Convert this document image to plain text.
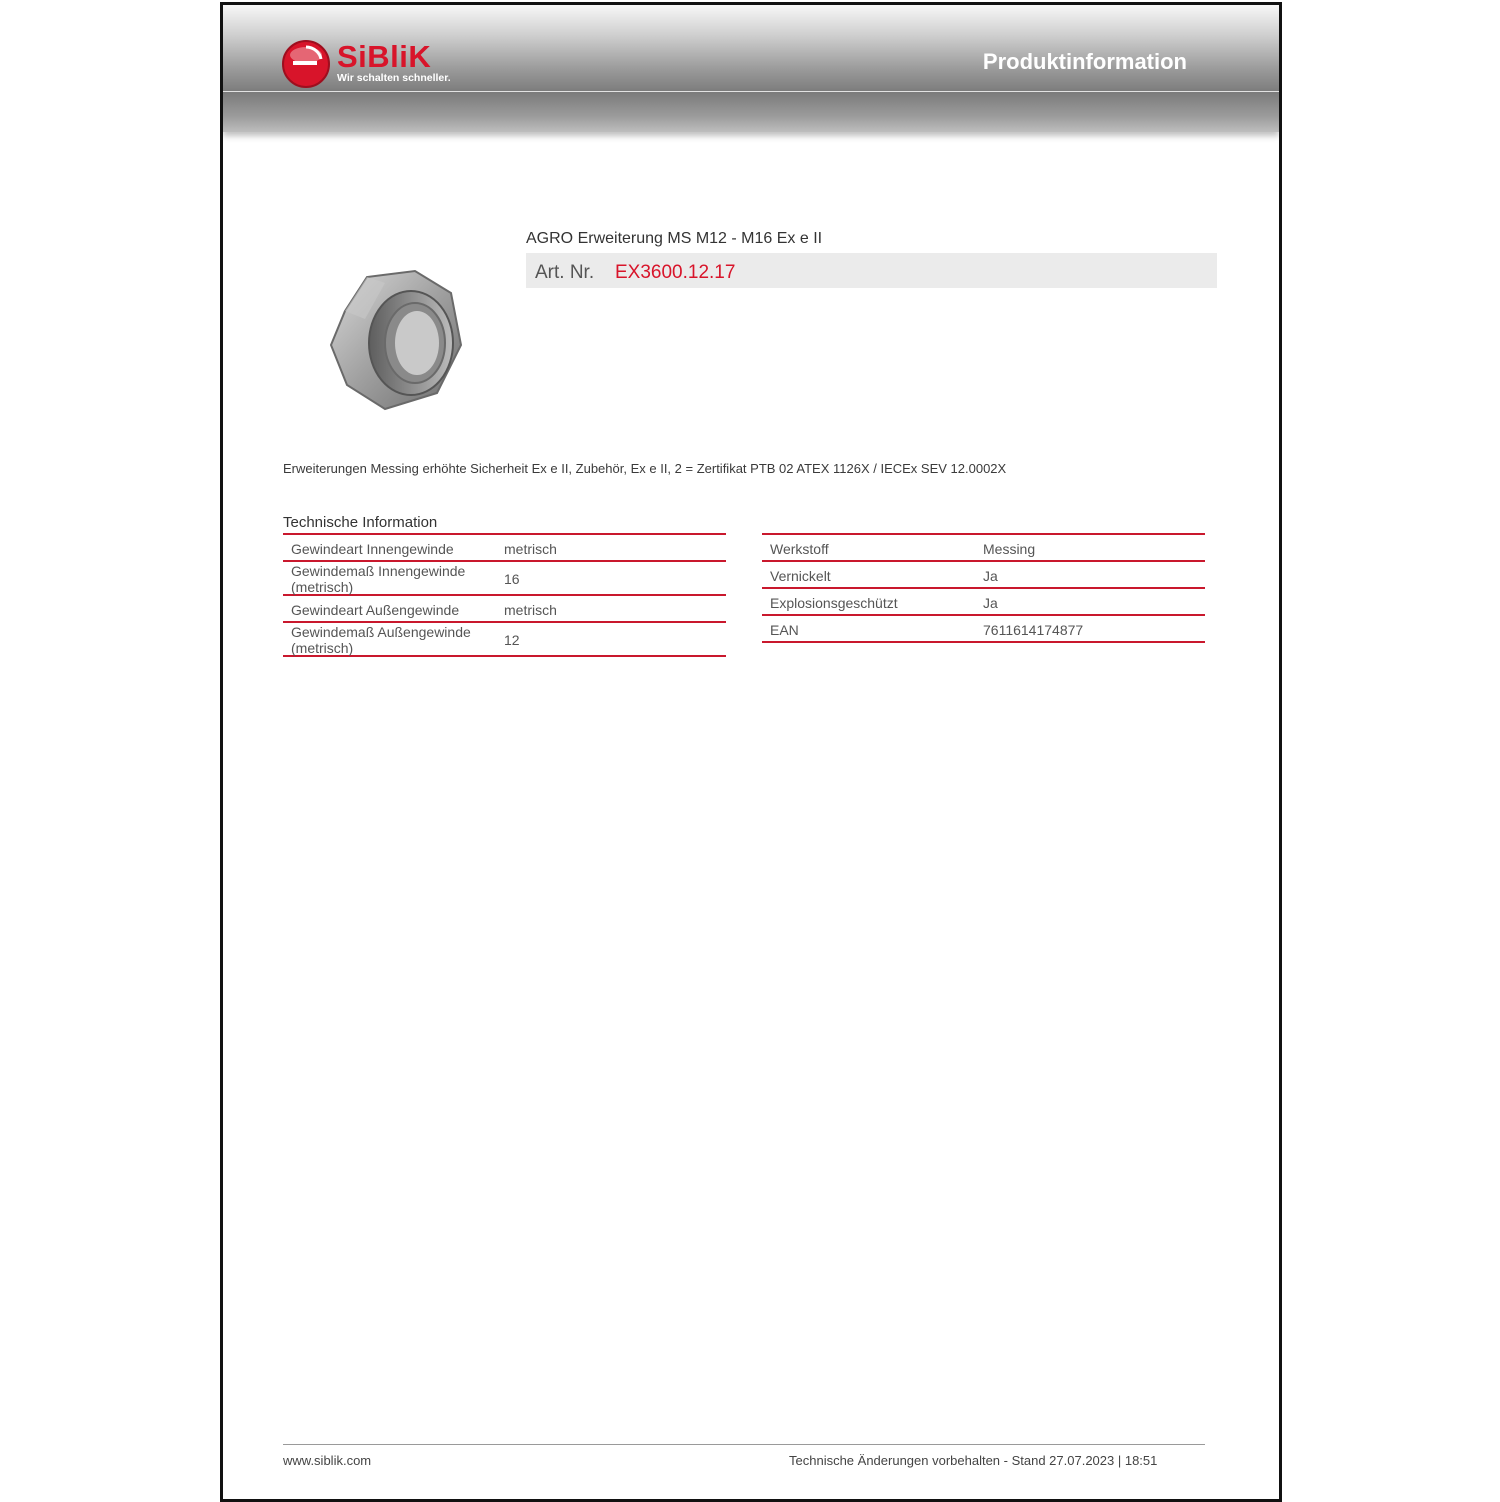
SiBliK
Wir schalten schneller.
Produktinformation
AGRO Erweiterung MS M12 - M16 Ex e II
Art. Nr. EX3600.12.17
Erweiterungen Messing erhöhte Sicherheit Ex e II, Zubehör, Ex e II, 2 = Zertifikat PTB 02 ATEX 1126X / IECEx SEV 12.0002X
Technische Information
Gewindeart Innengewinde	metrisch
Gewindemaß Innengewinde (metrisch)	16
Gewindeart Außengewinde	metrisch
Gewindemaß Außengewinde (metrisch)	12
Werkstoff	Messing
Vernickelt	Ja
Explosionsgeschützt	Ja
EAN	7611614174877
www.siblik.com	Technische Änderungen vorbehalten - Stand 27.07.2023 | 18:51
